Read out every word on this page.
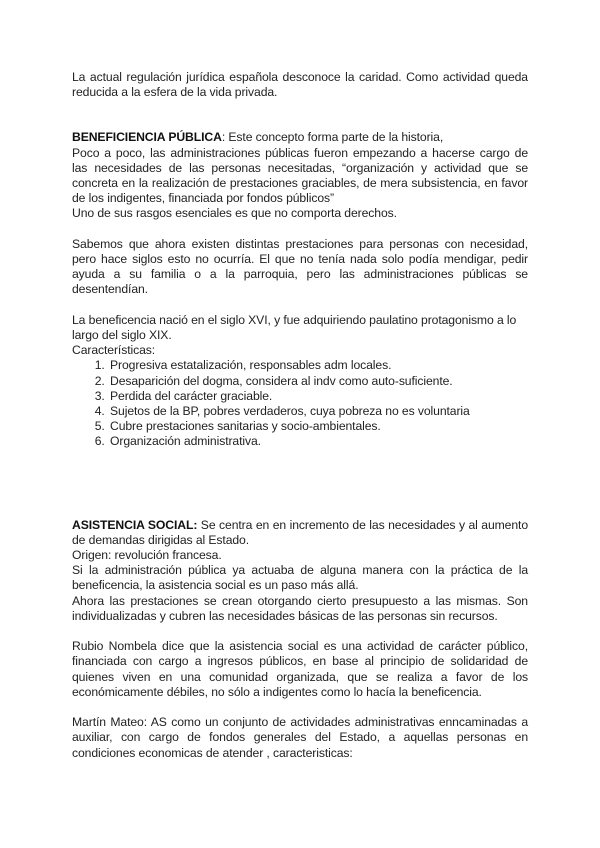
La actual regulación jurídica española desconoce la caridad. Como actividad queda reducida a la esfera de la vida privada.

BENEFICIENCIA PÚBLICA: Este concepto forma parte de la historia,

Poco a poco, las administraciones públicas fueron empezando a hacerse cargo de las necesidades de las personas necesitadas, “organización y actividad que se concreta en la realización de prestaciones graciables, de mera subsistencia, en favor de los indigentes, financiada por fondos públicos”

Uno de sus rasgos esenciales es que no comporta derechos.

Sabemos que ahora existen distintas prestaciones para personas con necesidad, pero hace siglos esto no ocurría. El que no tenía nada solo podía mendigar, pedir ayuda a su familia o a la parroquia, pero las administraciones públicas se desentendían.

La beneficencia nació en el siglo XVI, y fue adquiriendo paulatino protagonismo a lo largo del siglo XIX.

Características:

1. Progresiva estatalización, responsables adm locales.
2. Desaparición del dogma, considera al indv como auto-suficiente.
3. Perdida del carácter graciable.
4. Sujetos de la BP, pobres verdaderos, cuya pobreza no es voluntaria
5. Cubre prestaciones sanitarias y socio-ambientales.
6. Organización administrativa.

ASISTENCIA SOCIAL: Se centra en en incremento de las necesidades y al aumento de demandas dirigidas al Estado.

Origen: revolución francesa.

Si la administración pública ya actuaba de alguna manera con la práctica de la beneficencia, la asistencia social es un paso más allá.

Ahora las prestaciones se crean otorgando cierto presupuesto a las mismas. Son individualizadas y cubren las necesidades básicas de las personas sin recursos.

Rubio Nombela dice que la asistencia social es una actividad de carácter público, financiada con cargo a ingresos públicos, en base al principio de solidaridad de quienes viven en una comunidad organizada, que se realiza a favor de los económicamente débiles, no sólo a indigentes como lo hacía la beneficencia.

Martín Mateo: AS como un conjunto de actividades administrativas enncaminadas a auxiliar, con cargo de fondos generales del Estado, a aquellas personas en condiciones economicas de atender , caracteristicas:
